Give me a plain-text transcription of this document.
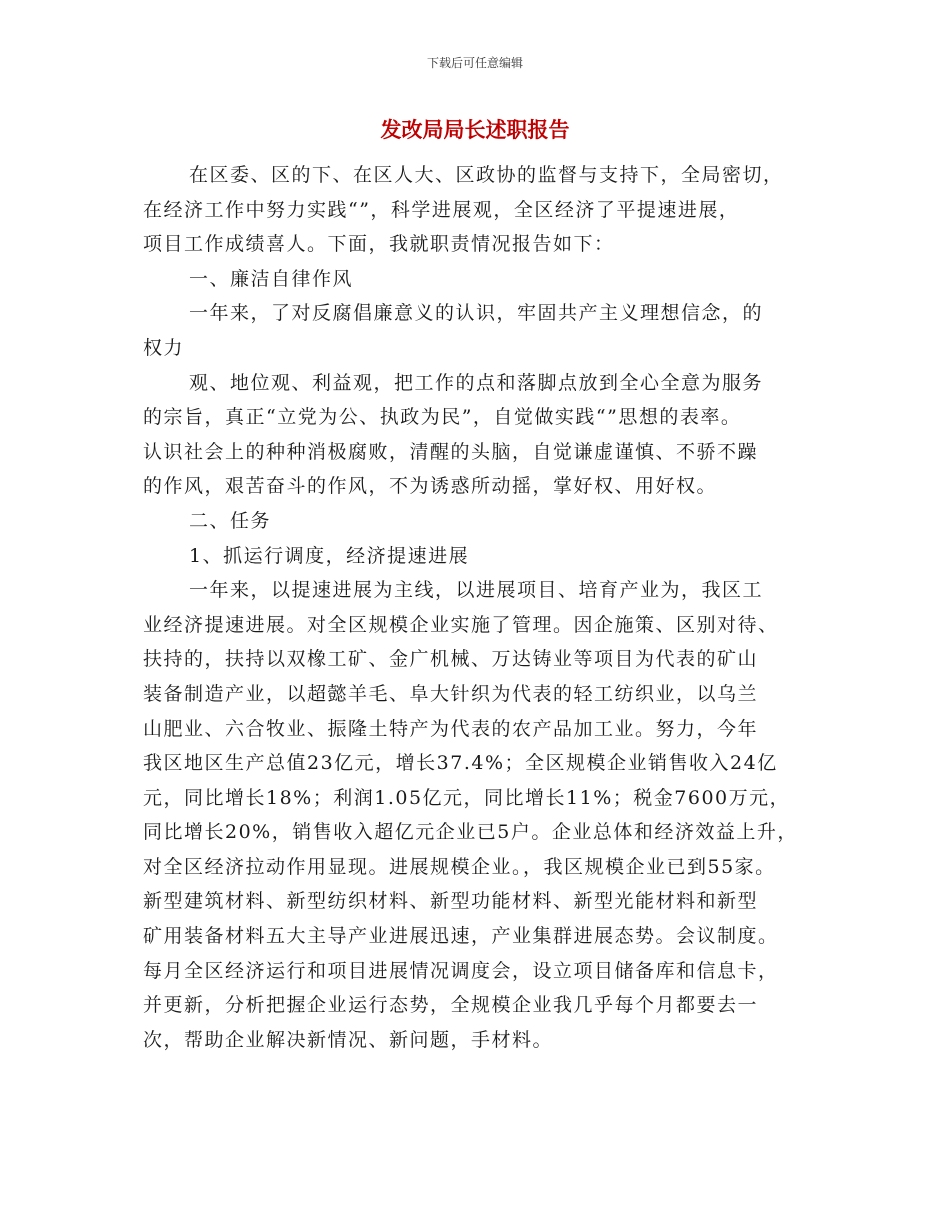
下载后可任意编辑
发改局局长述职报告

在区委、区的下、在区人大、区政协的监督与支持下，全局密切，

在经济工作中努力实践“”，科学进展观，全区经济了平提速进展，

项目工作成绩喜人。下面，我就职责情况报告如下：

一、廉洁自律作风

一年来，了对反腐倡廉意义的认识，牢固共产主义理想信念，的

权力

观、地位观、利益观，把工作的点和落脚点放到全心全意为服务

的宗旨，真正“立党为公、执政为民”，自觉做实践“”思想的表率。

认识社会上的种种消极腐败，清醒的头脑，自觉谦虚谨慎、不骄不躁

的作风，艰苦奋斗的作风，不为诱惑所动摇，掌好权、用好权。

二、任务

1、抓运行调度，经济提速进展

一年来，以提速进展为主线，以进展项目、培育产业为，我区工

业经济提速进展。对全区规模企业实施了管理。因企施策、区别对待、

扶持的，扶持以双橡工矿、金广机械、万达铸业等项目为代表的矿山

装备制造产业，以超懿羊毛、阜大针织为代表的轻工纺织业，以乌兰

山肥业、六合牧业、振隆土特产为代表的农产品加工业。努力，今年

我区地区生产总值23亿元，增长37.4%；全区规模企业销售收入24亿

元，同比增长18%；利润1.05亿元，同比增长11%；税金7600万元，

同比增长20%，销售收入超亿元企业已5户。企业总体和经济效益上升，

对全区经济拉动作用显现。进展规模企业。，我区规模企业已到55家。

新型建筑材料、新型纺织材料、新型功能材料、新型光能材料和新型

矿用装备材料五大主导产业进展迅速，产业集群进展态势。会议制度。

每月全区经济运行和项目进展情况调度会，设立项目储备库和信息卡，

并更新，分析把握企业运行态势，全规模企业我几乎每个月都要去一

次，帮助企业解决新情况、新问题，手材料。
